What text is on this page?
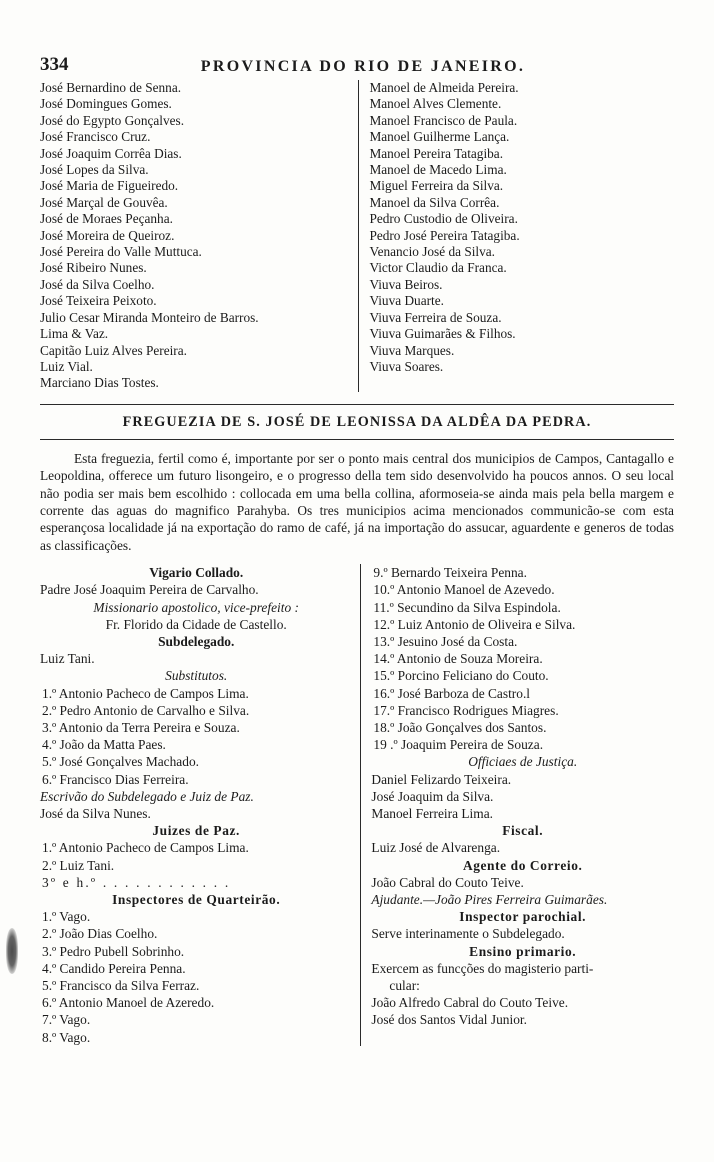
334	PROVINCIA DO RIO DE JANEIRO.
José Bernardino de Senna.
José Domingues Gomes.
José do Egypto Gonçalves.
José Francisco Cruz.
José Joaquim Corrêa Dias.
José Lopes da Silva.
José Maria de Figueiredo.
José Marçal de Gouvêa.
José de Moraes Peçanha.
José Moreira de Queiroz.
José Pereira do Valle Muttuca.
José Ribeiro Nunes.
José da Silva Coelho.
José Teixeira Peixoto.
Julio Cesar Miranda Monteiro de Barros.
Lima & Vaz.
Capitão Luiz Alves Pereira.
Luiz Vial.
Marciano Dias Tostes.
Manoel de Almeida Pereira.
Manoel Alves Clemente.
Manoel Francisco de Paula.
Manoel Guilherme Lança.
Manoel Pereira Tatagiba.
Manoel de Macedo Lima.
Miguel Ferreira da Silva.
Manoel da Silva Corrêa.
Pedro Custodio de Oliveira.
Pedro José Pereira Tatagiba.
Venancio José da Silva.
Victor Claudio da Franca.
Viuva Beiros.
Viuva Duarte.
Viuva Ferreira de Souza.
Viuva Guimarães & Filhos.
Viuva Marques.
Viuva Soares.
FREGUEZIA DE S. JOSÉ DE LEONISSA DA ALDÊA DA PEDRA.
Esta freguezia, fertil como é, importante por ser o ponto mais central dos municipios de Campos, Cantagallo e Leopoldina, offerece um futuro lisongeiro, e o progresso della tem sido desenvolvido ha poucos annos. O seu local não podia ser mais bem escolhido : collocada em uma bella collina, aformoseia-se ainda mais pela bella margem e corrente das aguas do magnifico Parahyba. Os tres municipios acima mencionados communicão-se com esta esperançosa localidade já na exportação do ramo de café, já na importação do assucar, aguardente e generos de todas as classificações.
Vigario Collado.
Padre José Joaquim Pereira de Carvalho.
Missionario apostolico, vice-prefeito :
Fr. Florido da Cidade de Castello.
Subdelegado.
Luiz Tani.
Substitutos.
1.º Antonio Pacheco de Campos Lima.
2.º Pedro Antonio de Carvalho e Silva.
3.º Antonio da Terra Pereira e Souza.
4.º João da Matta Paes.
5.º José Gonçalves Machado.
6.º Francisco Dias Ferreira.
Escrivão do Subdelegado e Juiz de Paz.
José da Silva Nunes.
Juizes de Paz.
1.º Antonio Pacheco de Campos Lima.
2.º Luiz Tani.
3º e h.º . . . . . . . . . . . .
Inspectores de Quarteirão.
1.º Vago.
2.º João Dias Coelho.
3.º Pedro Pubell Sobrinho.
4.º Candido Pereira Penna.
5.º Francisco da Silva Ferraz.
6.º Antonio Manoel de Azeredo.
7.º Vago.
8.º Vago.
9.º Bernardo Teixeira Penna.
10.º Antonio Manoel de Azevedo.
11.º Secundino da Silva Espindola.
12.º Luiz Antonio de Oliveira e Silva.
13.º Jesuino José da Costa.
14.º Antonio de Souza Moreira.
15.º Porcino Feliciano do Couto.
16.º José Barboza de Castro.l
17.º Francisco Rodrigues Miagres.
18.º João Gonçalves dos Santos.
19 .º Joaquim Pereira de Souza.
Officiaes de Justiça.
Daniel Felizardo Teixeira.
José Joaquim da Silva.
Manoel Ferreira Lima.
Fiscal.
Luiz José de Alvarenga.
Agente do Correio.
João Cabral do Couto Teive.
Ajudante.—João Pires Ferreira Guimarães.
Inspector parochial.
Serve interinamente o Subdelegado.
Ensino primario.
Exercem as funcções do magisterio parti-
cular:
João Alfredo Cabral do Couto Teive.
José dos Santos Vidal Junior.
